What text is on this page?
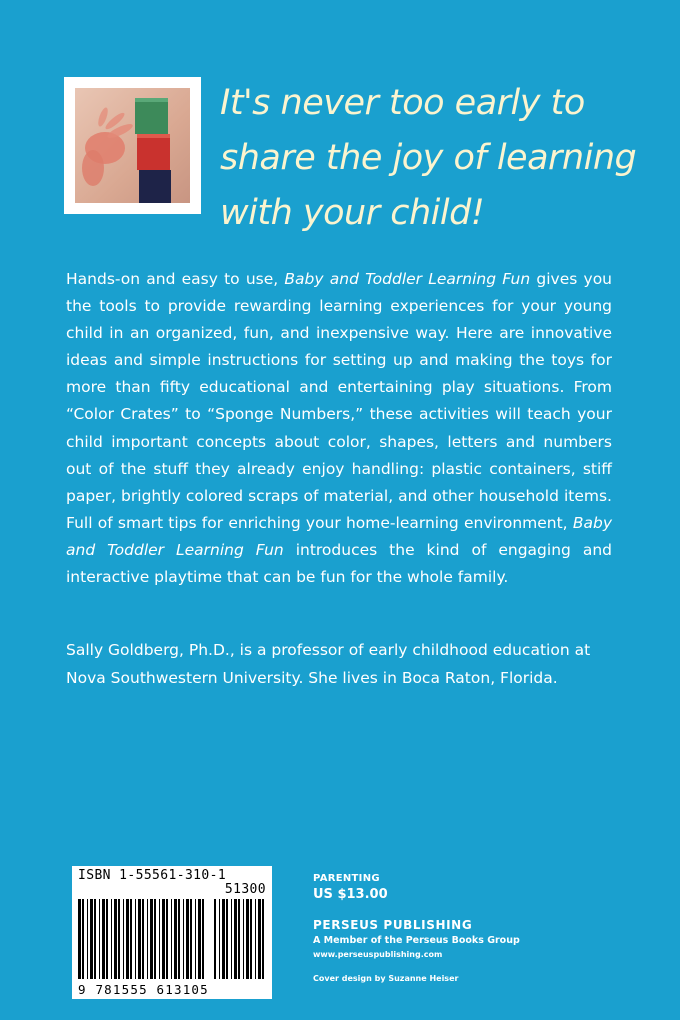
It's never too early to
share the joy of learning
with your child!

Hands-on and easy to use, Baby and Toddler Learning Fun gives you the tools to provide rewarding learning experiences for your young child in an organized, fun, and inexpensive way. Here are innovative ideas and simple instructions for setting up and making the toys for more than fifty educational and entertaining play situations. From “Color Crates” to “Sponge Numbers,” these activities will teach your child important concepts about color, shapes, letters and numbers out of the stuff they already enjoy handling: plastic containers, stiff paper, brightly colored scraps of material, and other household items. Full of smart tips for enriching your home-learning environment, Baby and Toddler Learning Fun introduces the kind of engaging and interactive playtime that can be fun for the whole family.

Sally Goldberg, Ph.D., is a professor of early childhood education at Nova Southwestern University. She lives in Boca Raton, Florida.

ISBN 1-55561-310-1
51300
9 781555 613105

PARENTING

US $13.00

PERSEUS PUBLISHING

A Member of the Perseus Books Group

www.perseuspublishing.com

Cover design by Suzanne Heiser
